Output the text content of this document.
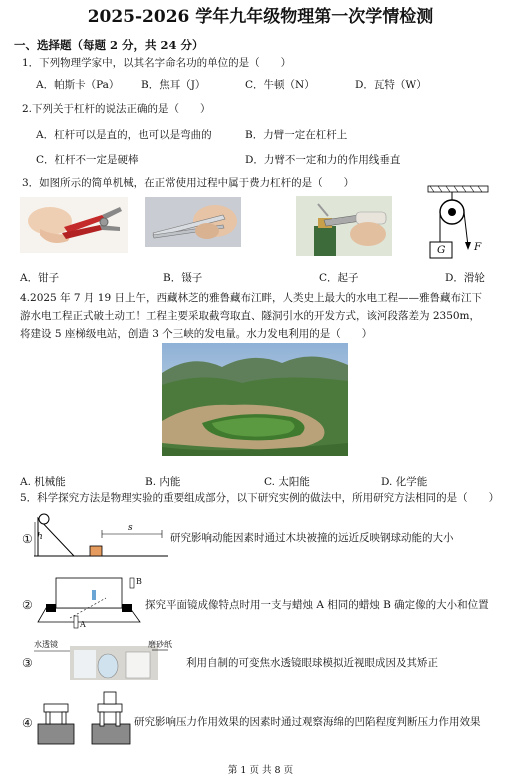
2025-2026 学年九年级物理第一次学情检测
一、选择题（每题 2 分，共 24 分）
1．下列物理学家中，以其名字命名功的单位的是（　　）
A．帕斯卡（Pa） B．焦耳（J）	C．牛顿（N）	D．瓦特（W）
2.下列关于杠杆的说法正确的是（　　）
A．杠杆可以是直的，也可以是弯曲的	B．力臂一定在杠杆上
C．杠杆不一定是硬棒	D．力臂不一定和力的作用线垂直
3．如图所示的简单机械，在正常使用过程中属于费力杠杆的是（　　）
G	F
A．钳子	B．镊子	C．起子	D．滑轮
4.2025 年 7 月 19 日上午，西藏林芝的雅鲁藏布江畔，人类史上最大的水电工程——雅鲁藏布江下
游水电工程正式破土动工！工程主要采取截弯取直、隧洞引水的开发方式，该河段落差为 2350m，
将建设 5 座梯级电站，创造 3 个三峡的发电量。水力发电利用的是（　　）
A. 机械能	B. 内能	C. 太阳能	D. 化学能
5．科学探究方法是物理实验的重要组成部分，以下研究实例的做法中，所用研究方法相同的是（　　）
① h
s
研究影响动能因素时通过木块被撞的远近反映钢球动能的大小
②
B
A
探究平面镜成像特点时用一支与蜡烛 A 相同的蜡烛 B 确定像的大小和位置
③
水透镜	磨砂纸
利用自制的可变焦水透镜眼球模拟近视眼成因及其矫正
④	研究影响压力作用效果的因素时通过观察海绵的凹陷程度判断压力作用效果
第 1 页 共 8 页
